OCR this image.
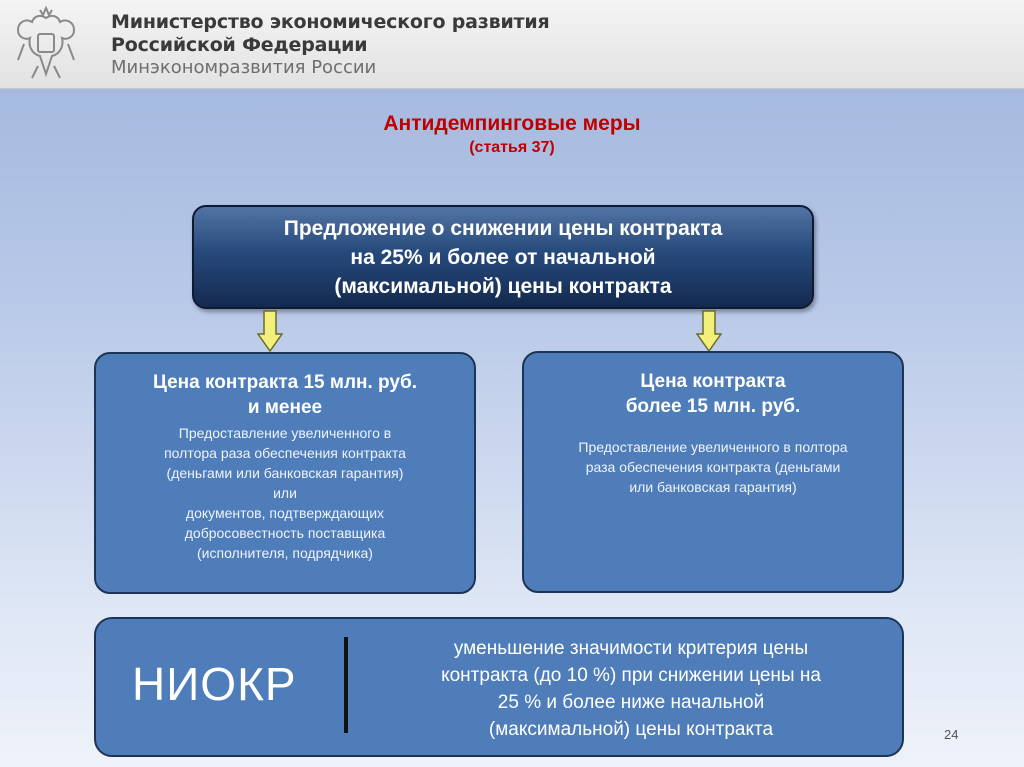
Министерство экономического развития
Российской Федерации
Минэкономразвития России
Антидемпинговые меры
(статья 37)
Предложение о снижении цены контракта
на 25% и более от начальной
(максимальной) цены контракта
Цена контракта 15 млн. руб.
и менее
Предоставление увеличенного в
полтора раза обеспечения контракта
(деньгами или банковская гарантия)
или
документов, подтверждающих
добросовестность поставщика
(исполнителя, подрядчика)
Цена контракта
более 15 млн. руб.
Предоставление увеличенного в полтора
раза обеспечения контракта (деньгами
или банковская гарантия)
НИОКР
уменьшение значимости критерия цены
контракта (до 10 %) при снижении цены на
25 % и более ниже начальной
(максимальной) цены контракта	24
